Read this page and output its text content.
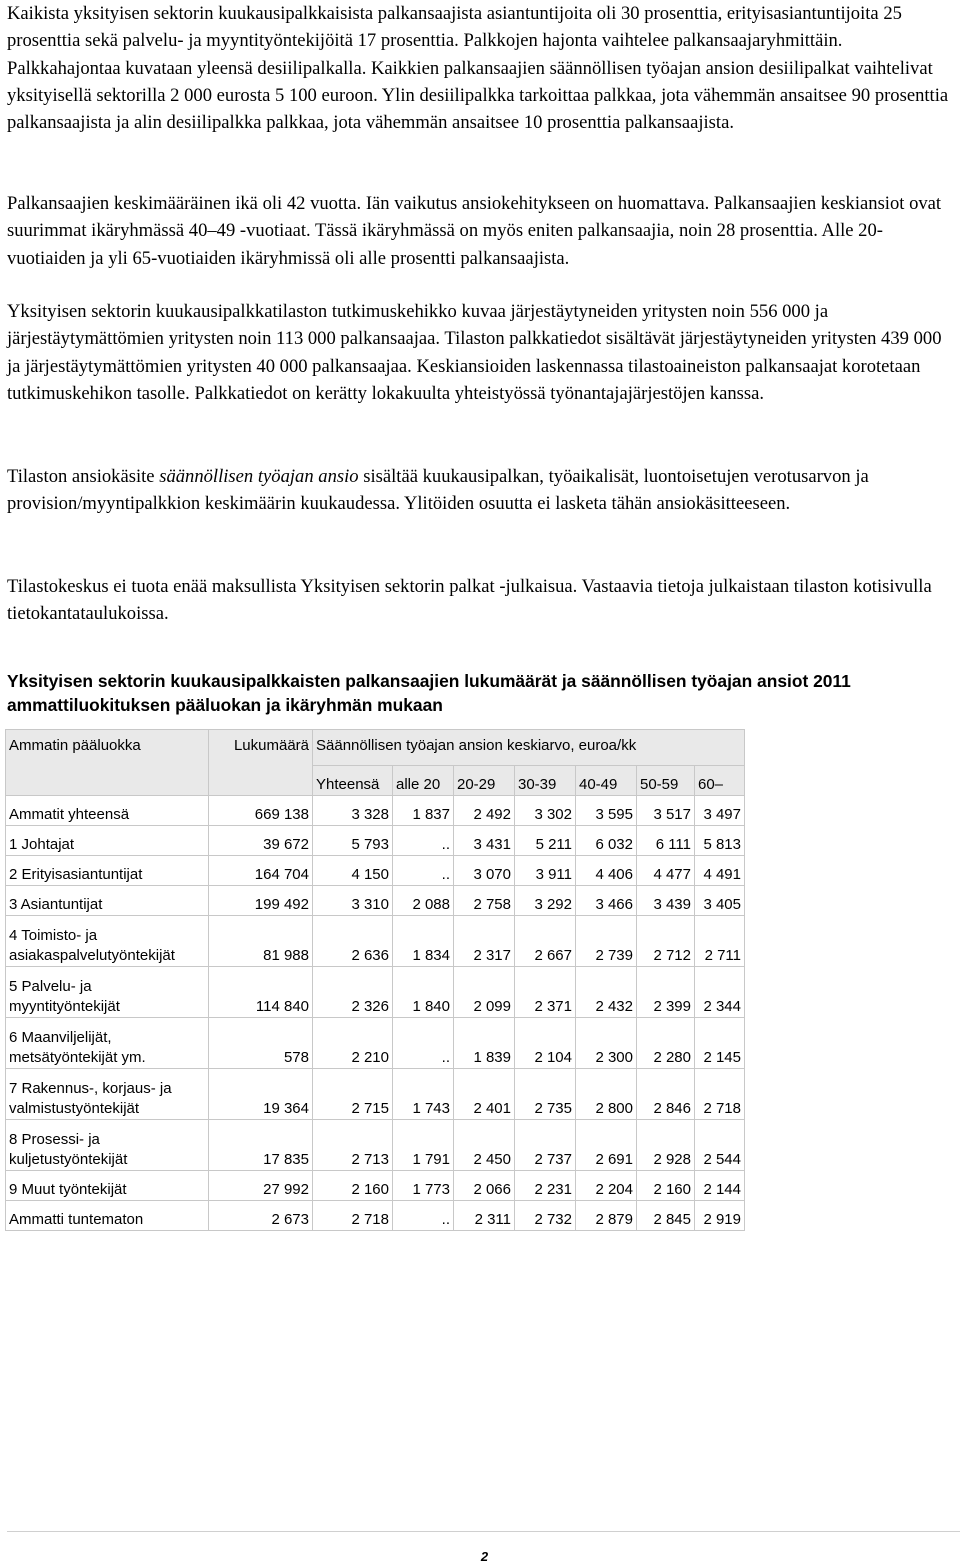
Kaikista yksityisen sektorin kuukausipalkkaisista palkansaajista asiantuntijoita oli 30 prosenttia, erityisasiantuntijoita 25 prosenttia sekä palvelu- ja myyntityöntekijöitä 17 prosenttia. Palkkojen hajonta vaihtelee palkansaajaryhmittäin. Palkkahajontaa kuvataan yleensä desiilipalkalla. Kaikkien palkansaajien säännöllisen työajan ansion desiilipalkat vaihtelivat yksityisellä sektorilla 2 000 eurosta 5 100 euroon. Ylin desiilipalkka tarkoittaa palkkaa, jota vähemmän ansaitsee 90 prosenttia palkansaajista ja alin desiilipalkka palkkaa, jota vähemmän ansaitsee 10 prosenttia palkansaajista.

Palkansaajien keskimääräinen ikä oli 42 vuotta. Iän vaikutus ansiokehitykseen on huomattava. Palkansaajien keskiansiot ovat suurimmat ikäryhmässä 40–49 -vuotiaat. Tässä ikäryhmässä on myös eniten palkansaajia, noin 28 prosenttia. Alle 20-vuotiaiden ja yli 65-vuotiaiden ikäryhmissä oli alle prosentti palkansaajista.

Yksityisen sektorin kuukausipalkkatilaston tutkimuskehikko kuvaa järjestäytyneiden yritysten noin 556 000 ja järjestäytymättömien yritysten noin 113 000 palkansaajaa. Tilaston palkkatiedot sisältävät järjestäytyneiden yritysten 439 000 ja järjestäytymättömien yritysten 40 000 palkansaajaa. Keskiansioiden laskennassa tilastoaineiston palkansaajat korotetaan tutkimuskehikon tasolle. Palkkatiedot on kerätty lokakuulta yhteistyössä työnantajajärjestöjen kanssa.

Tilaston ansiokäsite säännöllisen työajan ansio sisältää kuukausipalkan, työaikalisät, luontoisetujen verotusarvon ja provision/myyntipalkkion keskimäärin kuukaudessa. Ylitöiden osuutta ei lasketa tähän ansiokäsitteeseen.

Tilastokeskus ei tuota enää maksullista Yksityisen sektorin palkat -julkaisua. Vastaavia tietoja julkaistaan tilaston kotisivulla tietokantataulukoissa.

Yksityisen sektorin kuukausipalkkaisten palkansaajien lukumäärät ja säännöllisen työajan ansiot 2011 ammattiluokituksen pääluokan ja ikäryhmän mukaan

Ammatin pääluokka	Lukumäärä	Säännöllisen työajan ansion keskiarvo, euroa/kk						
		Yhteensä	alle 20	20-29	30-39	40-49	50-59	60–
Ammatit yhteensä	669 138	3 328	1 837	2 492	3 302	3 595	3 517	3 497
1 Johtajat	39 672	5 793	..	3 431	5 211	6 032	6 111	5 813
2 Erityisasiantuntijat	164 704	4 150	..	3 070	3 911	4 406	4 477	4 491
3 Asiantuntijat	199 492	3 310	2 088	2 758	3 292	3 466	3 439	3 405

4 Toimisto- ja
asiakaspalvelutyöntekijät	81 988	2 636	1 834	2 317	2 667	2 739	2 712	2 711

5 Palvelu- ja
myyntityöntekijät	114 840	2 326	1 840	2 099	2 371	2 432	2 399	2 344

6 Maanviljelijät,
metsätyöntekijät ym.	578	2 210	..	1 839	2 104	2 300	2 280	2 145

7 Rakennus-, korjaus- ja
valmistustyöntekijät	19 364	2 715	1 743	2 401	2 735	2 800	2 846	2 718

8 Prosessi- ja
kuljetustyöntekijät	17 835	2 713	1 791	2 450	2 737	2 691	2 928	2 544
9 Muut työntekijät	27 992	2 160	1 773	2 066	2 231	2 204	2 160	2 144
Ammatti tuntematon	2 673	2 718	..	2 311	2 732	2 879	2 845	2 919
2
